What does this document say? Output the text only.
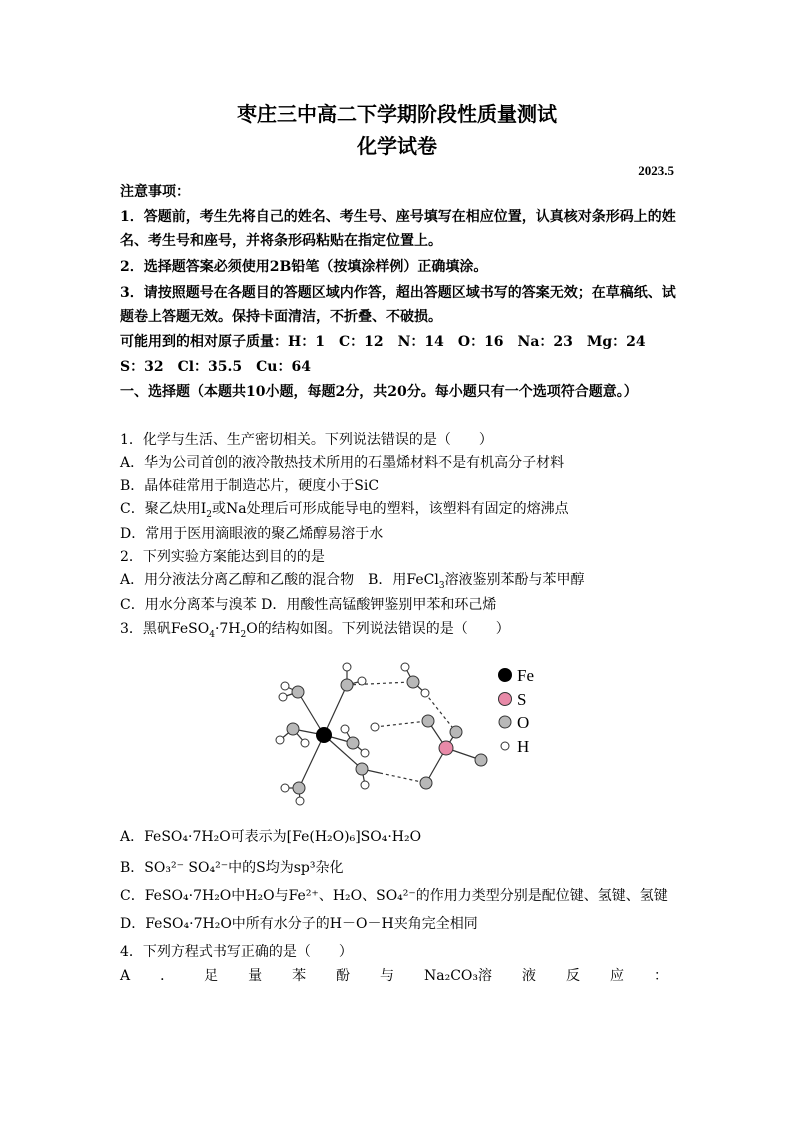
枣庄三中高二下学期阶段性质量测试
化学试卷
2023.5
注意事项：
1．答题前，考生先将自己的姓名、考生号、座号填写在相应位置，认真核对条形码上的姓名、考生号和座号，并将条形码粘贴在指定位置上。
2．选择题答案必须使用2B铅笔（按填涂样例）正确填涂。
3．请按照题号在各题目的答题区域内作答，超出答题区域书写的答案无效；在草稿纸、试题卷上答题无效。保持卡面清洁，不折叠、不破损。
可能用到的相对原子质量：H：1　C：12　N：14　O：16　Na：23　Mg：24
S：32　Cl：35.5　Cu：64
一、选择题（本题共10小题，每题2分，共20分。每小题只有一个选项符合题意。）
1．化学与生活、生产密切相关。下列说法错误的是（　　）
A．华为公司首创的液冷散热技术所用的石墨烯材料不是有机高分子材料
B．晶体硅常用于制造芯片，硬度小于SiC
C．聚乙炔用$I_2$或Na处理后可形成能导电的塑料，该塑料有固定的熔沸点
D．常用于医用滴眼液的聚乙烯醇易溶于水
2．下列实验方案能达到目的的是
A．用分液法分离乙醇和乙酸的混合物　B．用FeCl$_3$溶液鉴别苯酚与苯甲醇
C．用水分离苯与溴苯 D．用酸性高锰酸钾鉴别甲苯和环己烯
3．黑矾$FeSO_4\cdot 7H_2O$的结构如图。下列说法错误的是（　　）
Fe
S
O
H
A．FeSO₄·7H₂O可表示为[Fe(H₂O)₆]SO₄·H₂O
B．SO₃²⁻ SO₄²⁻中的S均为sp³杂化
C．FeSO₄·7H₂O中H₂O与Fe²⁺、H₂O、SO₄²⁻的作用力类型分别是配位键、氢键、氢键
D．FeSO₄·7H₂O中所有水分子的H－O－H夹角完全相同
4．下列方程式书写正确的是（　　）
A ． 足 量 苯 酚 与 Na₂CO₃溶 液 反 应 ：
